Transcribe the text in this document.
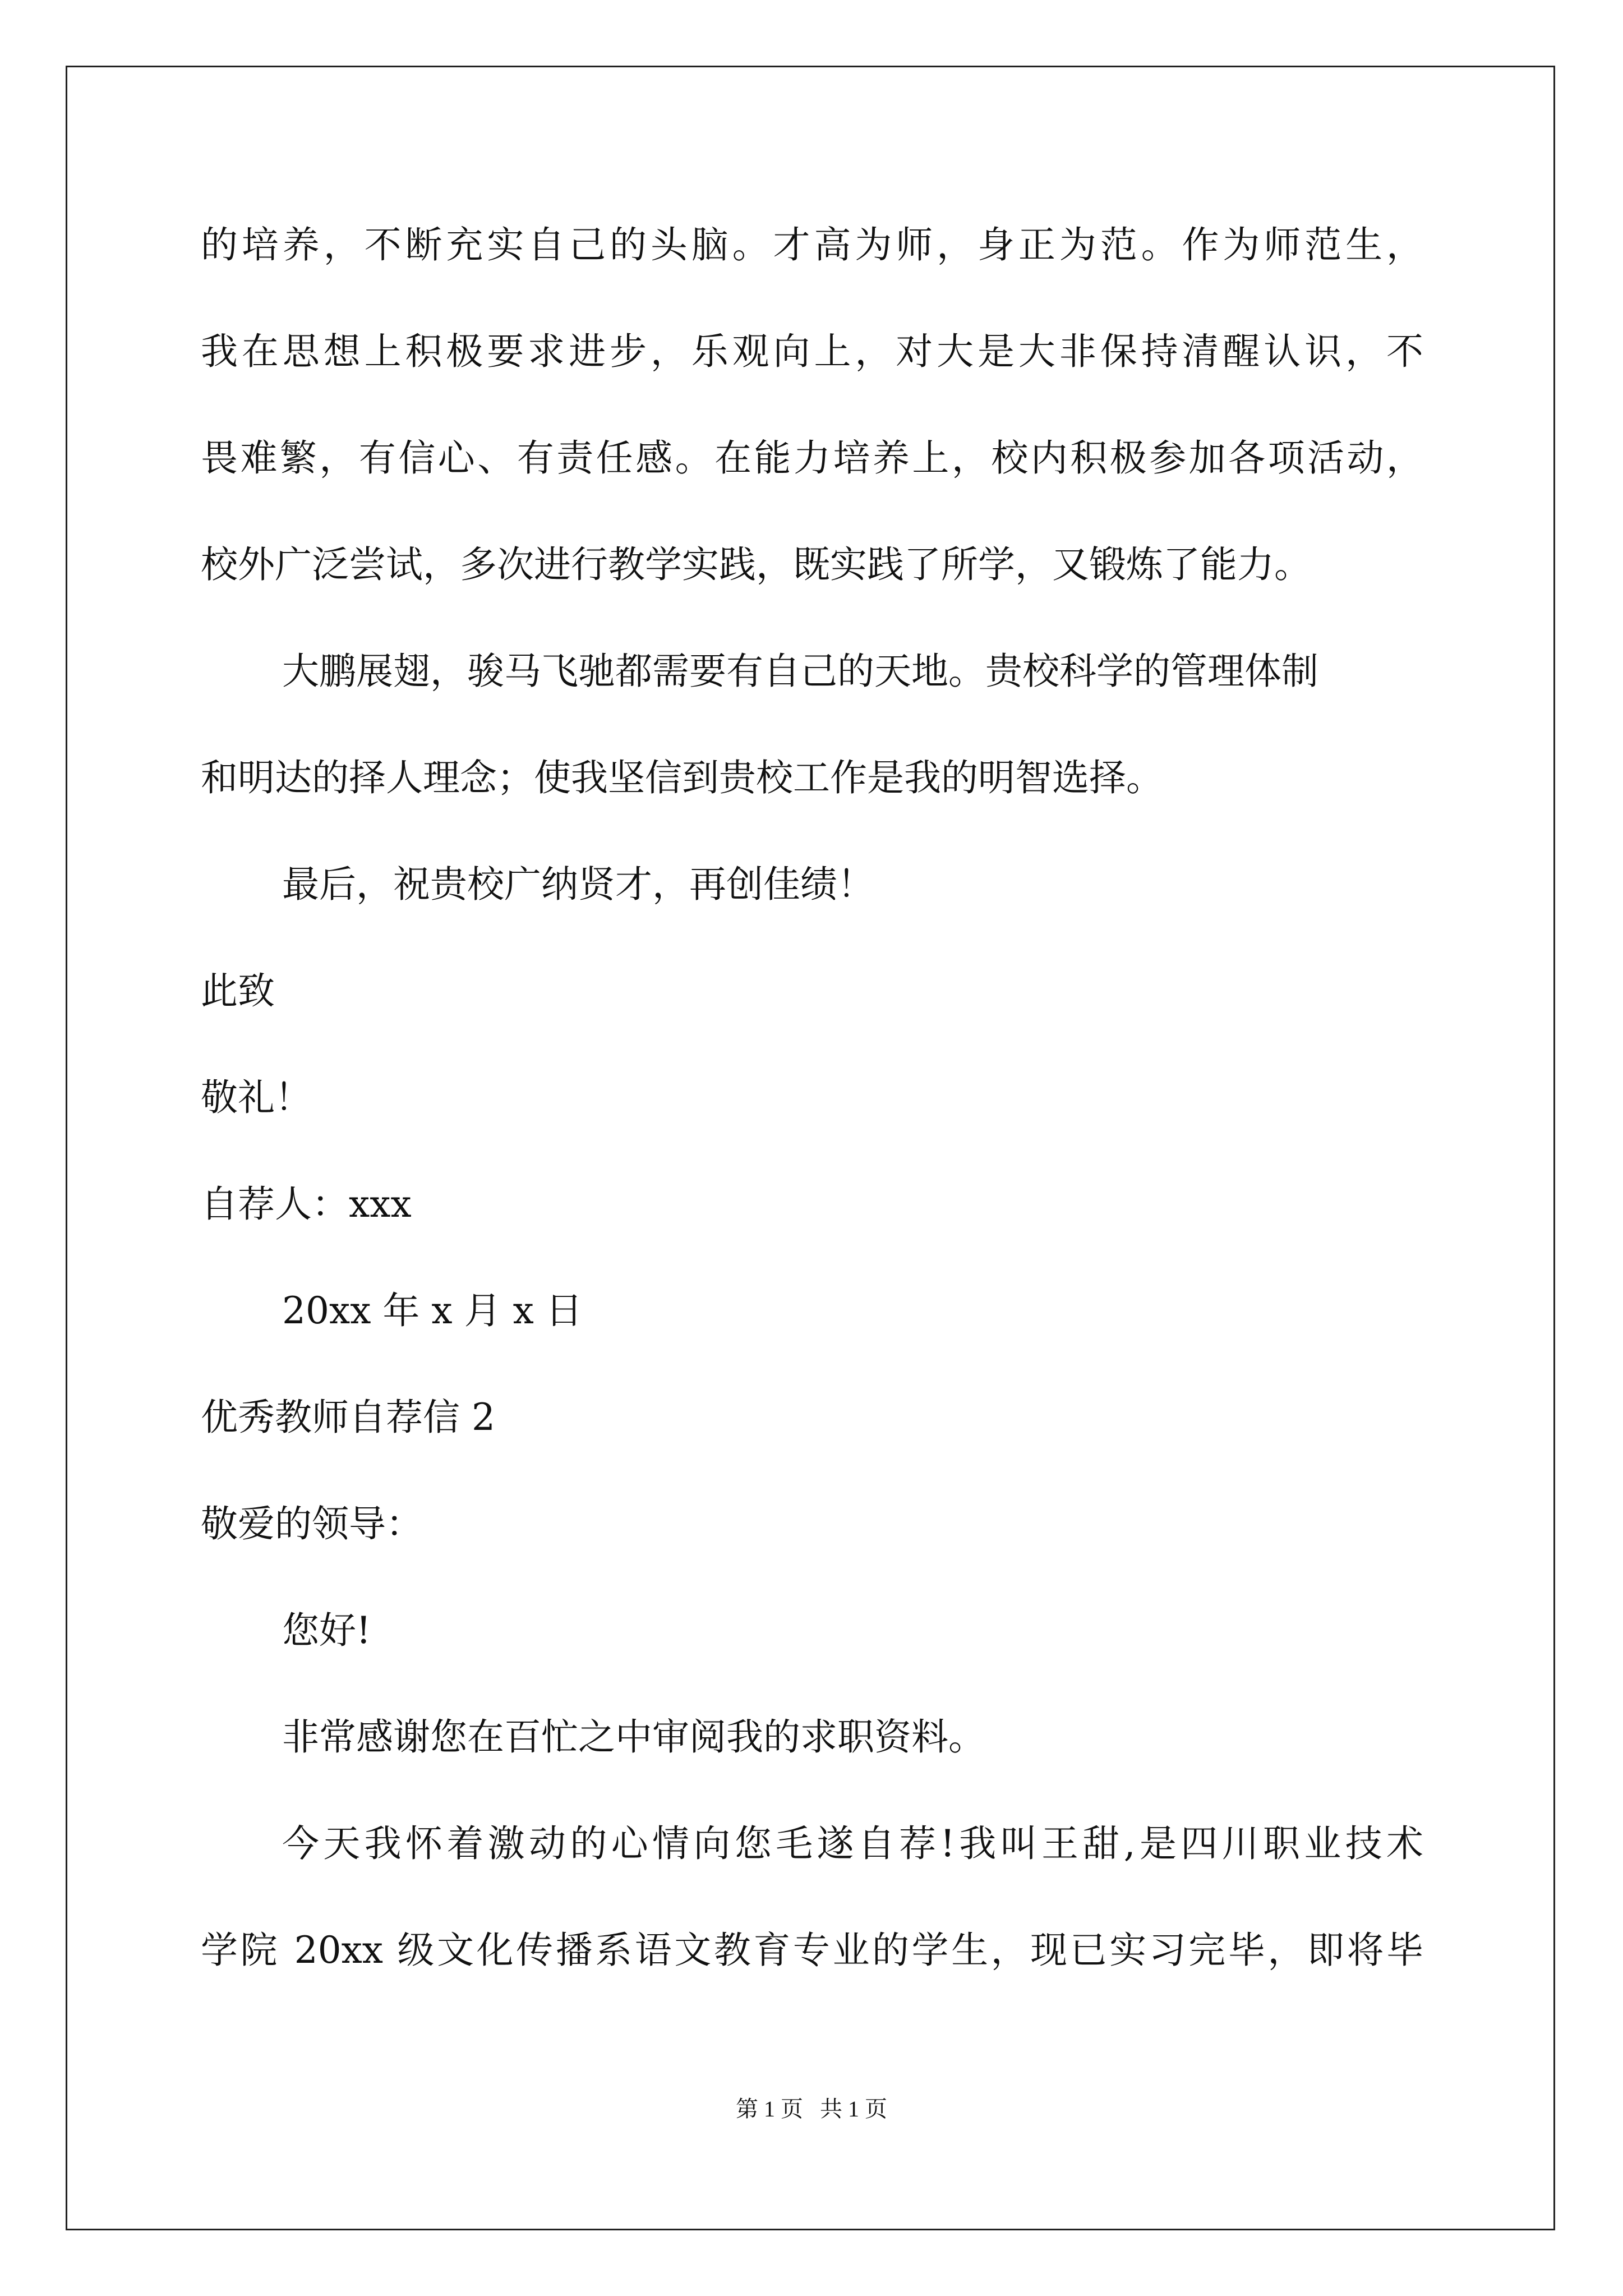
的培养，不断充实自己的头脑。才高为师，身正为范。作为师范生，
我在思想上积极要求进步，乐观向上，对大是大非保持清醒认识，不
畏难繁，有信心、有责任感。在能力培养上，校内积极参加各项活动，
校外广泛尝试，多次进行教学实践，既实践了所学，又锻炼了能力。
大鹏展翅，骏马飞驰都需要有自己的天地。贵校科学的管理体制
和明达的择人理念；使我坚信到贵校工作是我的明智选择。
最后，祝贵校广纳贤才，再创佳绩！
此致
敬礼！
自荐人：xxx
20xx 年 x 月 x 日
优秀教师自荐信 2
敬爱的领导：
您好!
非常感谢您在百忙之中审阅我的求职资料。
今天我怀着激动的心情向您毛遂自荐!我叫王甜,是四川职业技术
学院 20xx 级文化传播系语文教育专业的学生，现已实习完毕，即将毕
第 1 页   共 1 页
